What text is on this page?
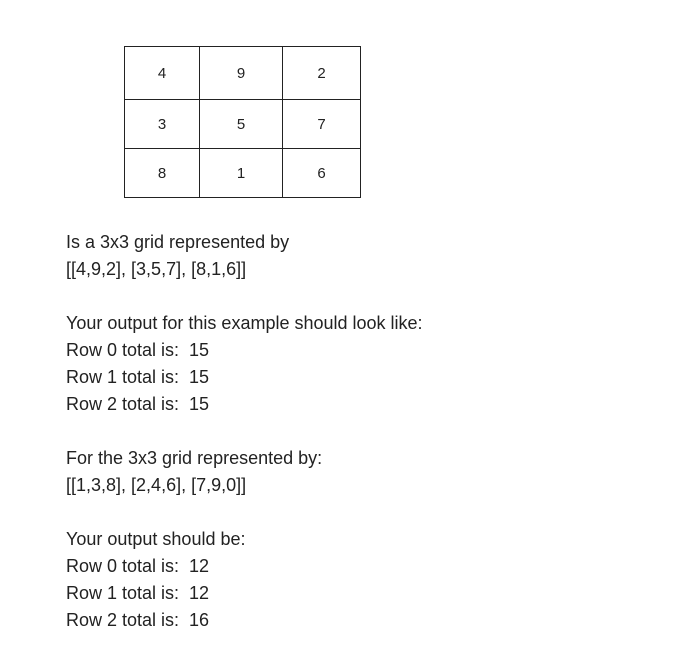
4	9	2
3	5	7
8	1	6
Is a 3x3 grid represented by
[[4,9,2], [3,5,7], [8,1,6]]
Your output for this example should look like:
Row 0 total is:  15
Row 1 total is:  15
Row 2 total is:  15
For the 3x3 grid represented by:
[[1,3,8], [2,4,6], [7,9,0]]
Your output should be:
Row 0 total is:  12
Row 1 total is:  12
Row 2 total is:  16
